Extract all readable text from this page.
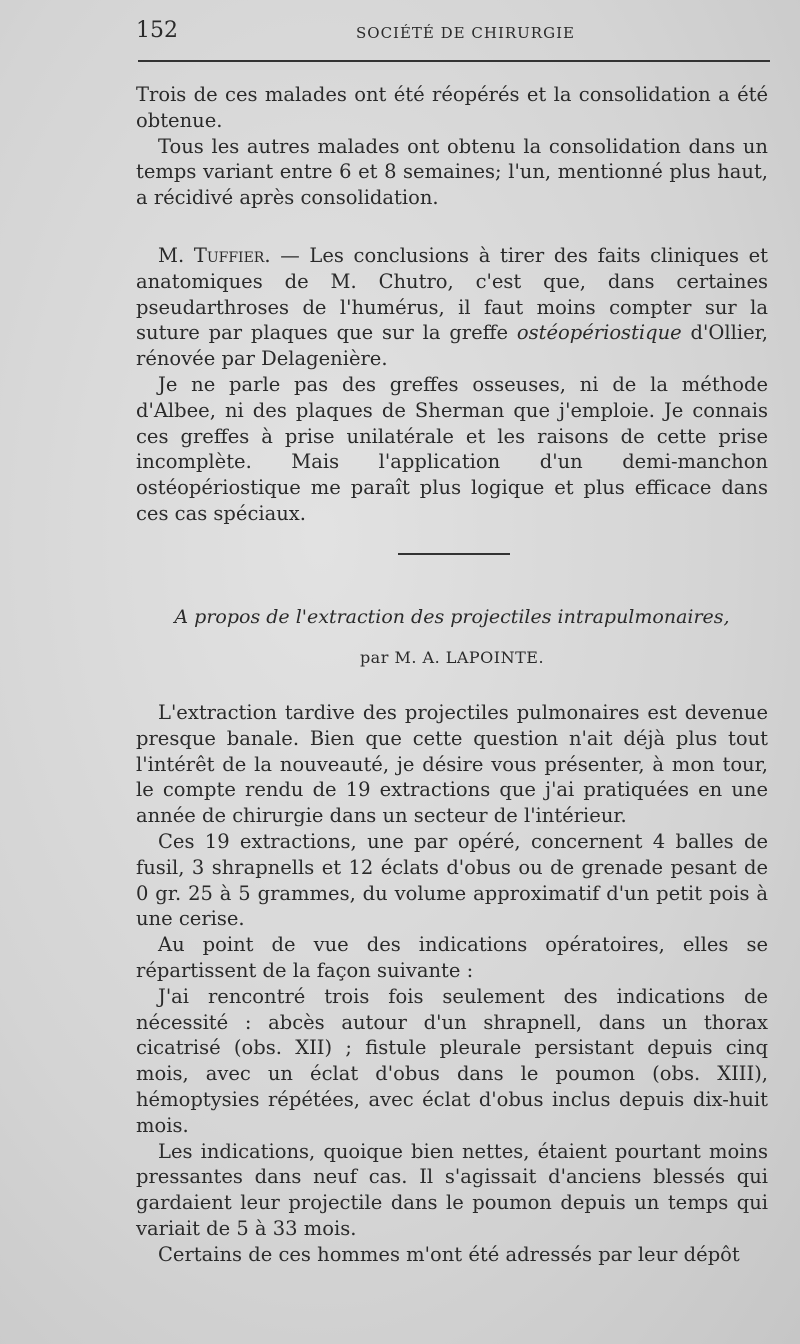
152	SOCIÉTÉ DE CHIRURGIE

Trois de ces malades ont été réopérés et la consolidation a été obtenue.

Tous les autres malades ont obtenu la consolidation dans un temps variant entre 6 et 8 semaines; l'un, mentionné plus haut, a récidivé après consolidation.

M. Tuffier. — Les conclusions à tirer des faits cliniques et anatomiques de M. Chutro, c'est que, dans certaines pseudarthroses de l'humérus, il faut moins compter sur la suture par plaques que sur la greffe ostéopériostique d'Ollier, rénovée par Delagenière.

Je ne parle pas des greffes osseuses, ni de la méthode d'Albee, ni des plaques de Sherman que j'emploie. Je connais ces greffes à prise unilatérale et les raisons de cette prise incomplète. Mais l'application d'un demi-manchon ostéopériostique me paraît plus logique et plus efficace dans ces cas spéciaux.

A propos de l'extraction des projectiles intrapulmonaires,
par M. A. LAPOINTE.

L'extraction tardive des projectiles pulmonaires est devenue presque banale. Bien que cette question n'ait déjà plus tout l'intérêt de la nouveauté, je désire vous présenter, à mon tour, le compte rendu de 19 extractions que j'ai pratiquées en une année de chirurgie dans un secteur de l'intérieur.

Ces 19 extractions, une par opéré, concernent 4 balles de fusil, 3 shrapnells et 12 éclats d'obus ou de grenade pesant de 0 gr. 25 à 5 grammes, du volume approximatif d'un petit pois à une cerise.

Au point de vue des indications opératoires, elles se répartissent de la façon suivante :

J'ai rencontré trois fois seulement des indications de nécessité : abcès autour d'un shrapnell, dans un thorax cicatrisé (obs. XII) ; fistule pleurale persistant depuis cinq mois, avec un éclat d'obus dans le poumon (obs. XIII), hémoptysies répétées, avec éclat d'obus inclus depuis dix-huit mois.

Les indications, quoique bien nettes, étaient pourtant moins pressantes dans neuf cas. Il s'agissait d'anciens blessés qui gardaient leur projectile dans le poumon depuis un temps qui variait de 5 à 33 mois.

Certains de ces hommes m'ont été adressés par leur dépôt
